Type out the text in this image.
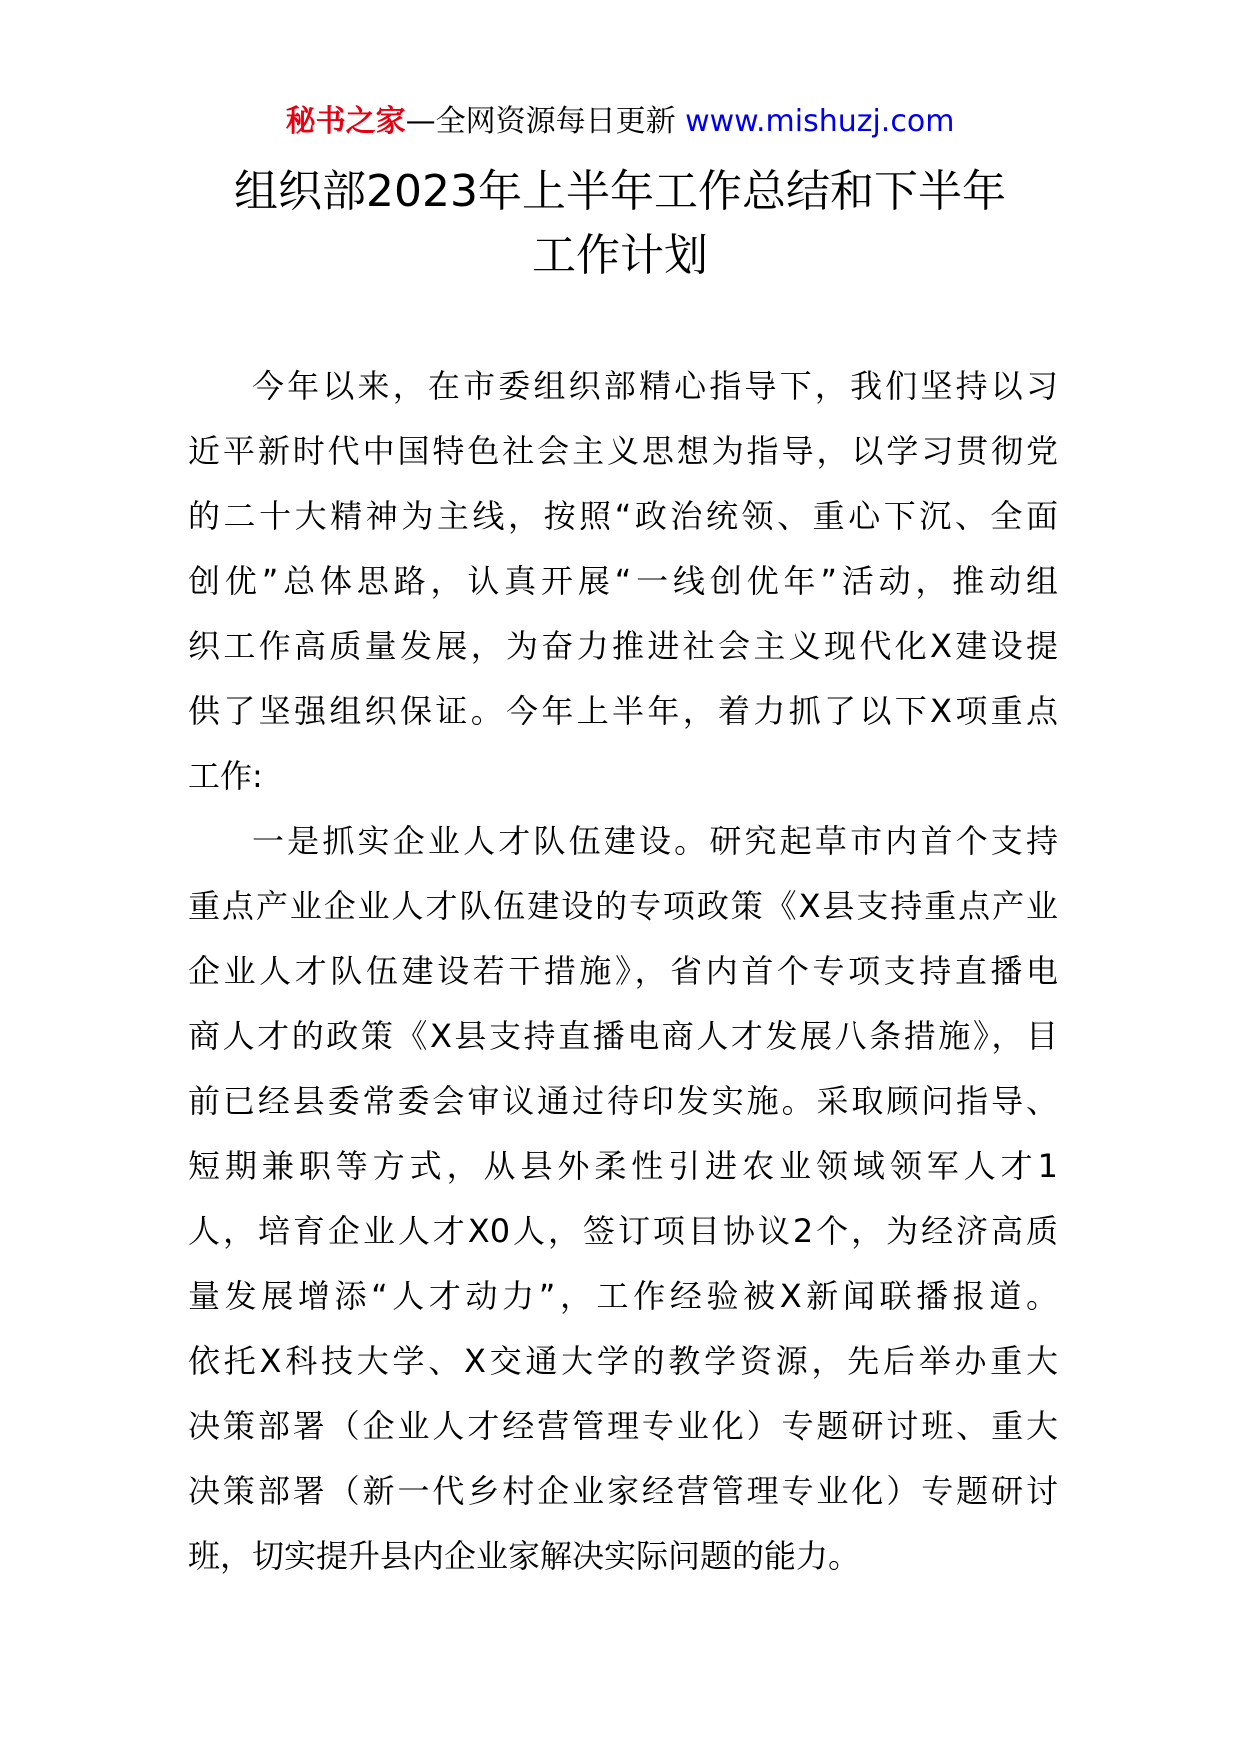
秘书之家—全网资源每日更新 www.mishuzj.com
组织部2023年上半年工作总结和下半年
工作计划
今年以来，在市委组织部精心指导下，我们坚持以习
近平新时代中国特色社会主义思想为指导，以学习贯彻党
的二十大精神为主线，按照“政治统领、重心下沉、全面
创优”总体思路，认真开展“一线创优年”活动，推动组
织工作高质量发展，为奋力推进社会主义现代化X建设提
供了坚强组织保证。今年上半年，着力抓了以下X项重点
工作:
一是抓实企业人才队伍建设。研究起草市内首个支持
重点产业企业人才队伍建设的专项政策《X县支持重点产业
企业人才队伍建设若干措施》，省内首个专项支持直播电
商人才的政策《X县支持直播电商人才发展八条措施》，目
前已经县委常委会审议通过待印发实施。采取顾问指导、
短期兼职等方式，从县外柔性引进农业领域领军人才1
人，培育企业人才X0人，签订项目协议2个，为经济高质
量发展增添“人才动力”，工作经验被X新闻联播报道。
依托X科技大学、X交通大学的教学资源，先后举办重大
决策部署（企业人才经营管理专业化）专题研讨班、重大
决策部署（新一代乡村企业家经营管理专业化）专题研讨
班，切实提升县内企业家解决实际问题的能力。
